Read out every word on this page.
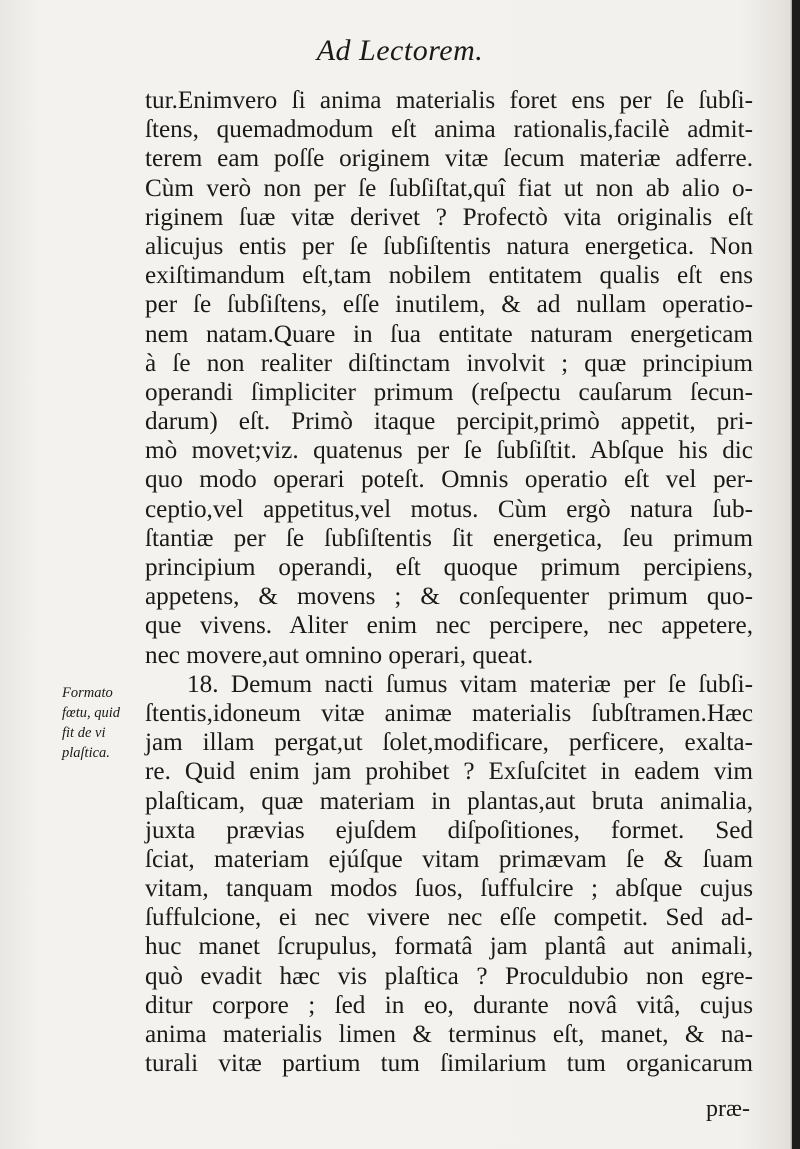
Ad Lectorem.
Formato
fœtu, quid
fit de vi
plaſtica.
tur.Enimvero ſi anima materialis foret ens per ſe ſubſi-
ſtens, quemadmodum eſt anima rationalis,facilè admit-
terem eam poſſe originem vitæ ſecum materiæ adferre.
Cùm verò non per ſe ſubſiſtat,quî fiat ut non ab alio o-
riginem ſuæ vitæ derivet ? Profectò vita originalis eſt
alicujus entis per ſe ſubſiſtentis natura energetica. Non
exiſtimandum eſt,tam nobilem entitatem qualis eſt ens
per ſe ſubſiſtens, eſſe inutilem, & ad nullam operatio-
nem natam.Quare in ſua entitate naturam energeticam
à ſe non realiter diſtinctam involvit ; quæ principium
operandi ſimpliciter primum (reſpectu cauſarum ſecun-
darum) eſt. Primò itaque percipit,primò appetit, pri-
mò movet;viz. quatenus per ſe ſubſiſtit. Abſque his dic
quo modo operari poteſt. Omnis operatio eſt vel per-
ceptio,vel appetitus,vel motus. Cùm ergò natura ſub-
ſtantiæ per ſe ſubſiſtentis ſit energetica, ſeu primum
principium operandi, eſt quoque primum percipiens,
appetens, & movens ; & conſequenter primum quo-
que vivens. Aliter enim nec percipere, nec appetere,
nec movere,aut omnino operari, queat.
18. Demum nacti ſumus vitam materiæ per ſe ſubſi-
ſtentis,idoneum vitæ animæ materialis ſubſtramen.Hæc
jam illam pergat,ut ſolet,modificare, perficere, exalta-
re. Quid enim jam prohibet ? Exſuſcitet in eadem vim
plaſticam, quæ materiam in plantas,aut bruta animalia,
juxta prævias ejuſdem diſpoſitiones, formet. Sed
ſciat, materiam ejúſque vitam primævam ſe & ſuam
vitam, tanquam modos ſuos, ſuffulcire ; abſque cujus
ſuffulcione, ei nec vivere nec eſſe competit. Sed ad-
huc manet ſcrupulus, formatâ jam plantâ aut animali,
quò evadit hæc vis plaſtica ? Proculdubio non egre-
ditur corpore ; ſed in eo, durante novâ vitâ, cujus
anima materialis limen & terminus eſt, manet, & na-
turali vitæ partium tum ſimilarium tum organicarum
præ-
